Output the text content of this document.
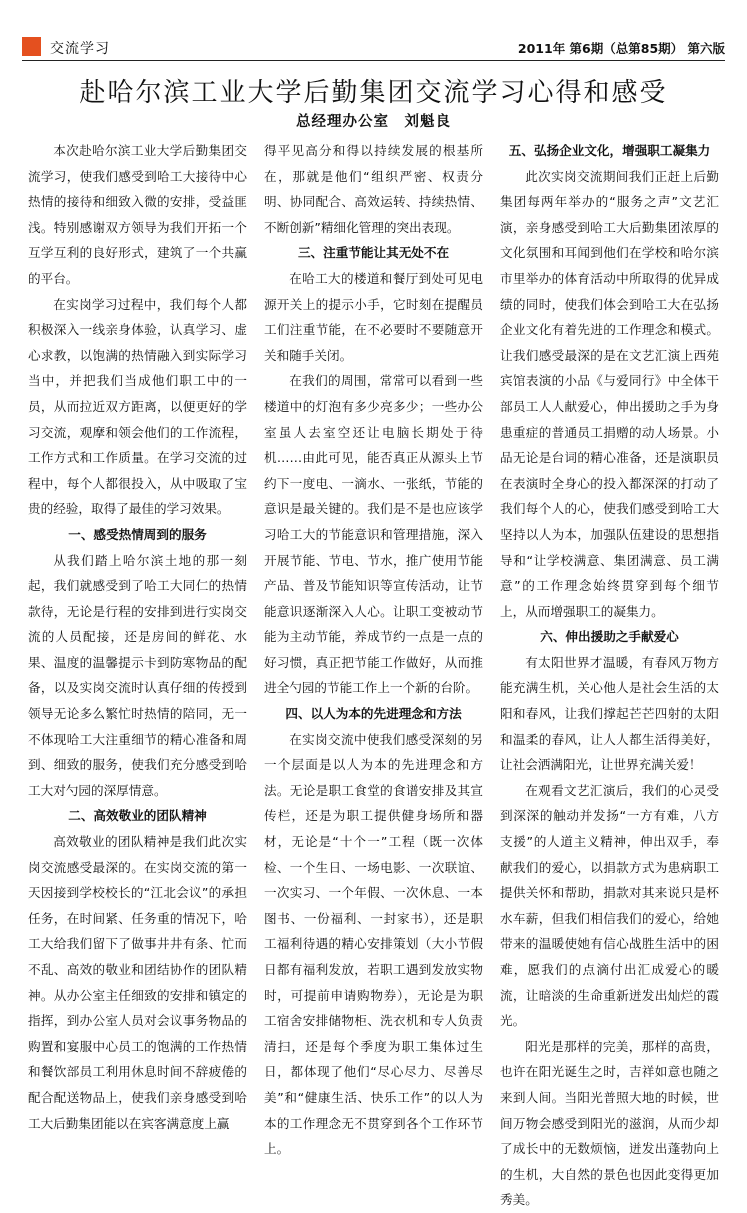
交流学习	2011年 第6期（总第85期） 第六版
赴哈尔滨工业大学后勤集团交流学习心得和感受
总经理办公室　刘魁良

本次赴哈尔滨工业大学后勤集团交流学习，使我们感受到哈工大接待中心热情的接待和细致入微的安排，受益匪浅。特别感谢双方领导为我们开拓一个互学互利的良好形式，建筑了一个共赢的平台。

在实岗学习过程中，我们每个人都积极深入一线亲身体验，认真学习、虚心求教，以饱满的热情融入到实际学习当中，并把我们当成他们职工中的一员，从而拉近双方距离，以便更好的学习交流，观摩和领会他们的工作流程，工作方式和工作质量。在学习交流的过程中，每个人都很投入，从中吸取了宝贵的经验，取得了最佳的学习效果。

一、感受热情周到的服务

从我们踏上哈尔滨土地的那一刻起，我们就感受到了哈工大同仁的热情款待，无论是行程的安排到进行实岗交流的人员配接，还是房间的鲜花、水果、温度的温馨提示卡到防寒物品的配备，以及实岗交流时认真仔细的传授到领导无论多么繁忙时热情的陪同，无一不体现哈工大注重细节的精心准备和周到、细致的服务，使我们充分感受到哈工大对勺园的深厚情意。

二、高效敬业的团队精神

高效敬业的团队精神是我们此次实岗交流感受最深的。在实岗交流的第一天因接到学校校长的“江北会议”的承担任务，在时间紧、任务重的情况下，哈工大给我们留下了做事井井有条、忙而不乱、高效的敬业和团结协作的团队精神。从办公室主任细致的安排和镇定的指挥，到办公室人员对会议事务物品的购置和宴服中心员工的饱满的工作热情和餐饮部员工利用休息时间不辞疲倦的配合配送物品上，使我们亲身感受到哈工大后勤集团能以在宾客满意度上赢

得平见高分和得以持续发展的根基所在，那就是他们“组织严密、权责分明、协同配合、高效运转、持续热情、不断创新”精细化管理的突出表现。

三、注重节能让其无处不在

在哈工大的楼道和餐厅到处可见电源开关上的提示小手，它时刻在提醒员工们注重节能，在不必要时不要随意开关和随手关闭。

在我们的周围，常常可以看到一些楼道中的灯泡有多少亮多少；一些办公室虽人去室空还让电脑长期处于待机……由此可见，能否真正从源头上节约下一度电、一滴水、一张纸，节能的意识是最关键的。我们是不是也应该学习哈工大的节能意识和管理措施，深入开展节能、节电、节水，推广使用节能产品、普及节能知识等宣传活动，让节能意识逐渐深入人心。让职工变被动节能为主动节能，养成节约一点是一点的好习惯，真正把节能工作做好，从而推进全勺园的节能工作上一个新的台阶。

四、以人为本的先进理念和方法

在实岗交流中使我们感受深刻的另一个层面是以人为本的先进理念和方法。无论是职工食堂的食谱安排及其宣传栏，还是为职工提供健身场所和器材，无论是“十个一”工程（既一次体检、一个生日、一场电影、一次联谊、一次实习、一个年假、一次休息、一本图书、一份福利、一封家书），还是职工福利待遇的精心安排策划（大小节假日都有福利发放，若职工遇到发放实物时，可提前申请购物券），无论是为职工宿舍安排储物柜、洗衣机和专人负责清扫，还是每个季度为职工集体过生日，都体现了他们“尽心尽力、尽善尽美”和“健康生活、快乐工作”的以人为本的工作理念无不贯穿到各个工作环节上。

五、弘扬企业文化，增强职工凝集力

此次实岗交流期间我们正赶上后勤集团每两年举办的“服务之声”文艺汇演，亲身感受到哈工大后勤集团浓厚的文化氛围和耳闻到他们在学校和哈尔滨市里举办的体育活动中所取得的优异成绩的同时，使我们体会到哈工大在弘扬企业文化有着先进的工作理念和模式。让我们感受最深的是在文艺汇演上西苑宾馆表演的小品《与爱同行》中全体干部员工人人献爱心，伸出援助之手为身患重症的普通员工捐赠的动人场景。小品无论是台词的精心准备，还是演职员在表演时全身心的投入都深深的打动了我们每个人的心，使我们感受到哈工大坚持以人为本，加强队伍建设的思想指导和“让学校满意、集团满意、员工满意”的工作理念始终贯穿到每个细节上，从而增强职工的凝集力。

六、伸出援助之手献爱心

有太阳世界才温暖，有春风万物方能充满生机，关心他人是社会生活的太阳和春风，让我们撑起芒芒四射的太阳和温柔的春风，让人人都生活得美好，让社会洒满阳光，让世界充满关爱！

在观看文艺汇演后，我们的心灵受到深深的触动并发扬“一方有难，八方支援”的人道主义精神，伸出双手，奉献我们的爱心，以捐款方式为患病职工提供关怀和帮助，捐款对其来说只是杯水车薪，但我们相信我们的爱心，给她带来的温暖使她有信心战胜生活中的困难，愿我们的点滴付出汇成爱心的暖流，让暗淡的生命重新迸发出灿烂的霞光。

阳光是那样的完美，那样的高贵，也许在阳光诞生之时，吉祥如意也随之来到人间。当阳光普照大地的时候，世间万物会感受到阳光的滋润，从而少却了成长中的无数烦恼，迸发出蓬勃向上的生机，大自然的景色也因此变得更加秀美。
